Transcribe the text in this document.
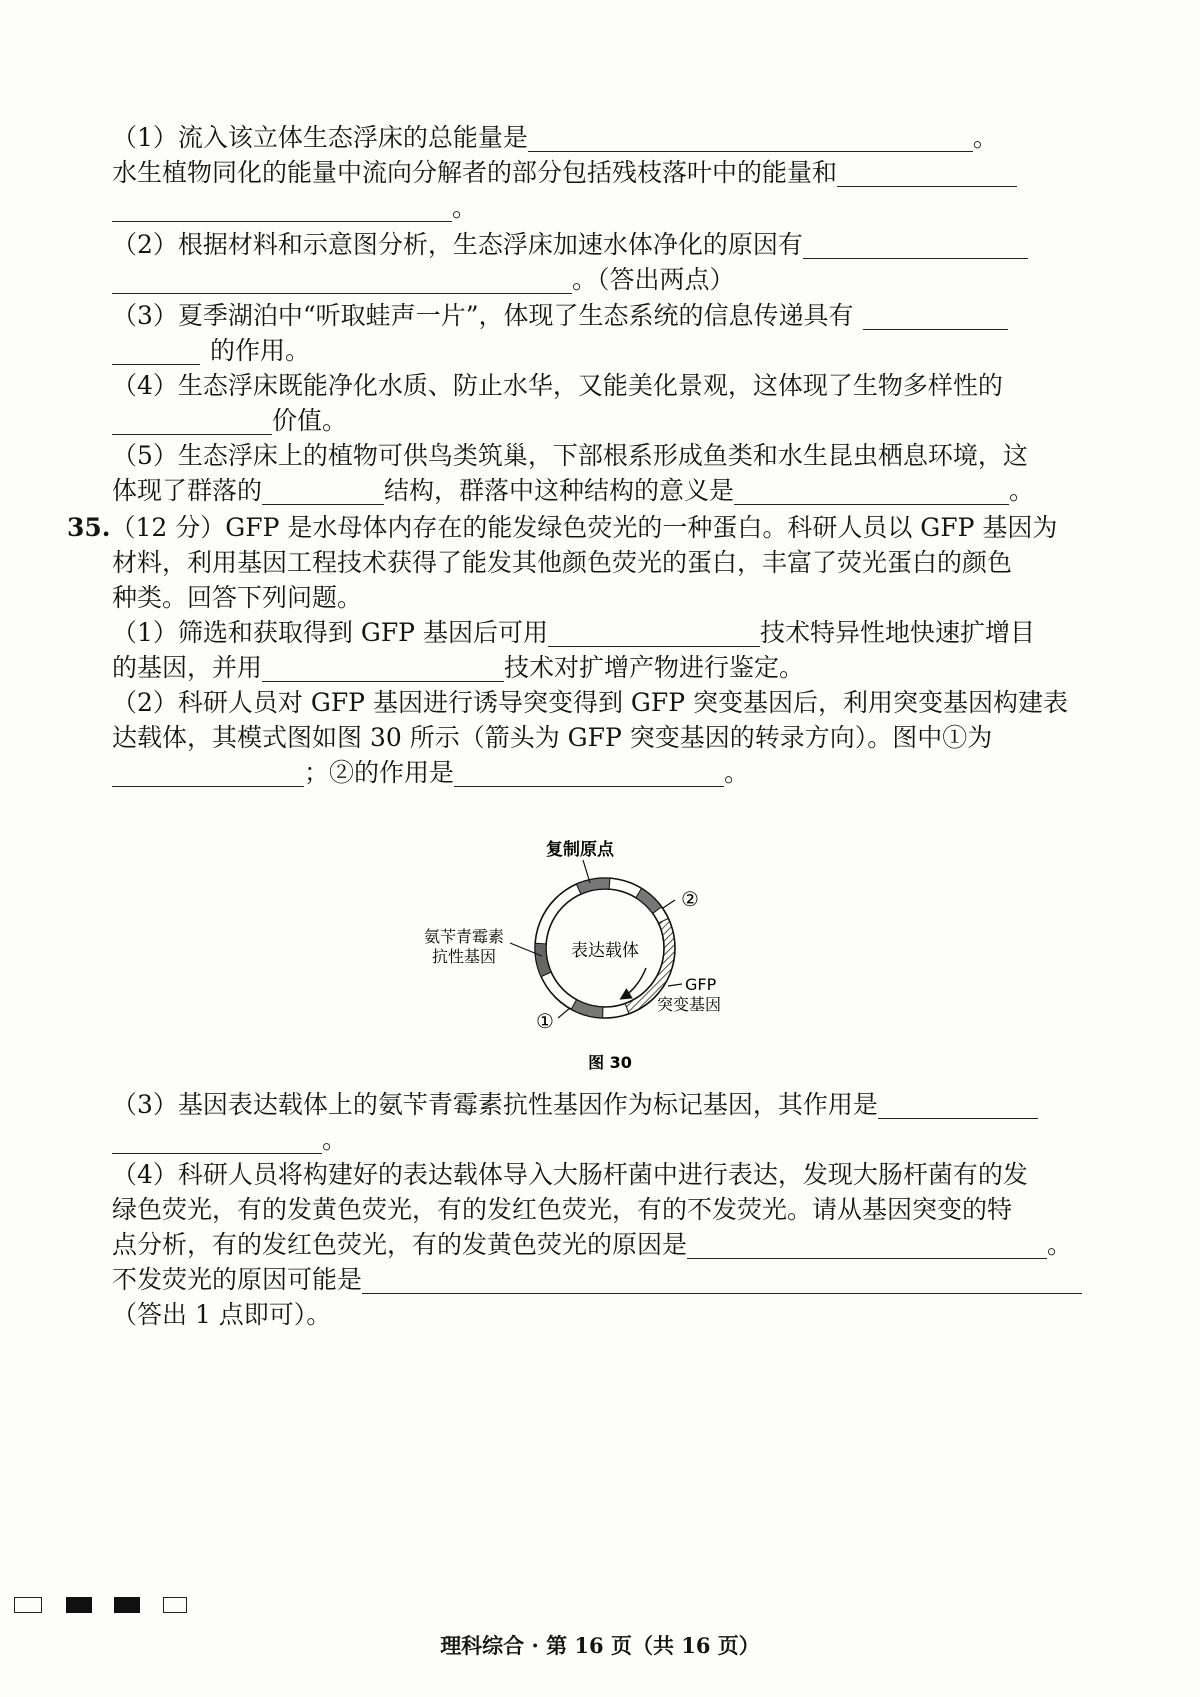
（1）流入该立体生态浮床的总能量是	。
水生植物同化的能量中流向分解者的部分包括残枝落叶中的能量和
。
（2）根据材料和示意图分析，生态浮床加速水体净化的原因有
。（答出两点）
（3）夏季湖泊中“听取蛙声一片”，体现了生态系统的信息传递具有
的作用。
（4）生态浮床既能净化水质、防止水华，又能美化景观，这体现了生物多样性的
价值。
（5）生态浮床上的植物可供鸟类筑巢，下部根系形成鱼类和水生昆虫栖息环境，这
体现了群落的	结构，群落中这种结构的意义是	。
35.（12 分）GFP 是水母体内存在的能发绿色荧光的一种蛋白。科研人员以 GFP 基因为
材料，利用基因工程技术获得了能发其他颜色荧光的蛋白，丰富了荧光蛋白的颜色
种类。回答下列问题。
（1）筛选和获取得到 GFP 基因后可用	技术特异性地快速扩增目
的基因，并用	技术对扩增产物进行鉴定。
（2）科研人员对 GFP 基因进行诱导突变得到 GFP 突变基因后，利用突变基因构建表
达载体，其模式图如图 30 所示（箭头为 GFP 突变基因的转录方向）。图中①为
；②的作用是	。
复制原点
②
氨苄青霉素
抗性基因	表达载体
GFP
突变基因
①
图 30
（3）基因表达载体上的氨苄青霉素抗性基因作为标记基因，其作用是
。
（4）科研人员将构建好的表达载体导入大肠杆菌中进行表达，发现大肠杆菌有的发
绿色荧光，有的发黄色荧光，有的发红色荧光，有的不发荧光。请从基因突变的特
点分析，有的发红色荧光，有的发黄色荧光的原因是	。
不发荧光的原因可能是
（答出 1 点即可）。
理科综合 · 第 16 页（共 16 页）
